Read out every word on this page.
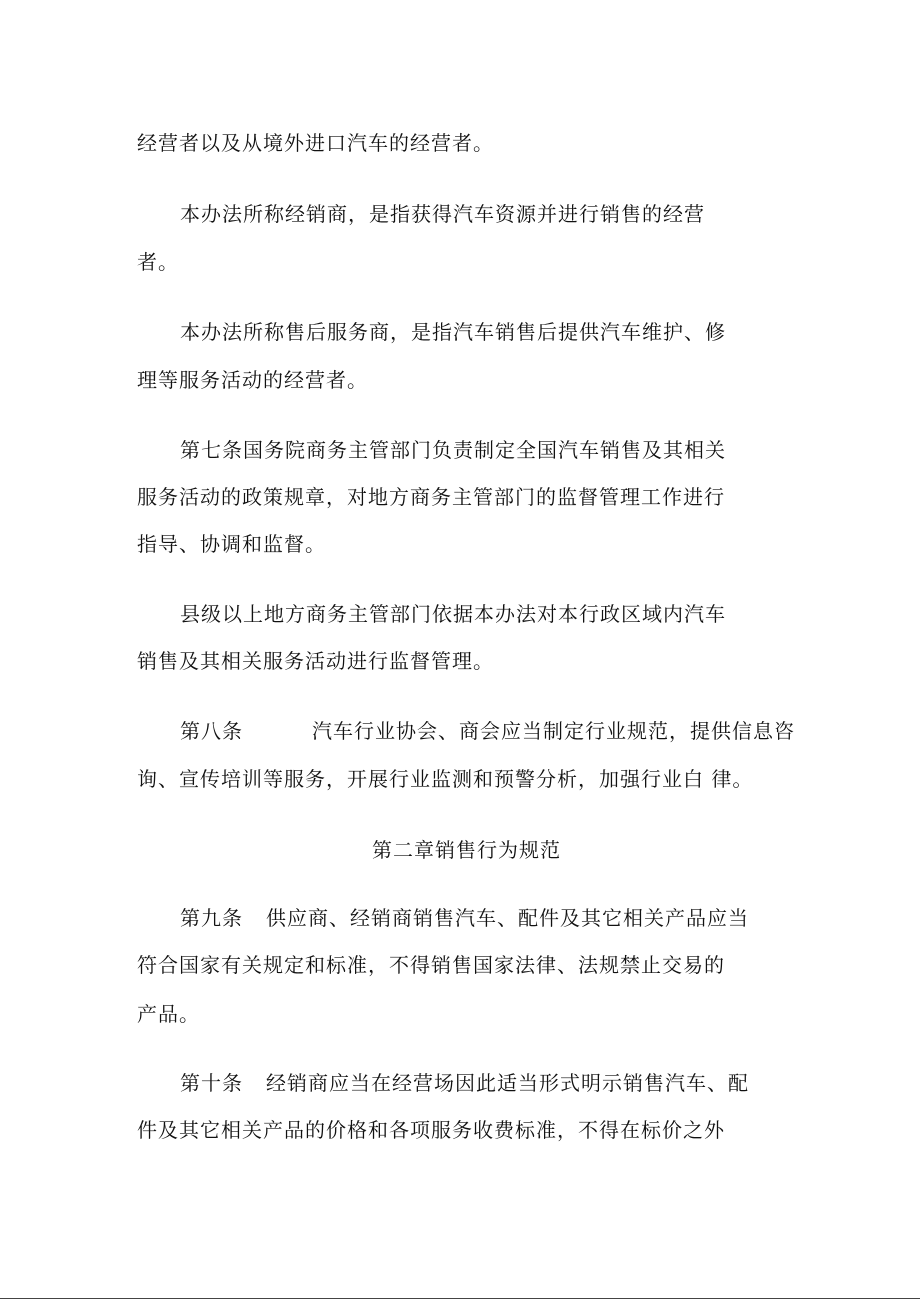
经营者以及从境外进口汽车的经营者。
本办法所称经销商，是指获得汽车资源并进行销售的经营
者。
本办法所称售后服务商，是指汽车销售后提供汽车维护、修
理等服务活动的经营者。
第七条国务院商务主管部门负责制定全国汽车销售及其相关
服务活动的政策规章，对地方商务主管部门的监督管理工作进行
指导、协调和监督。
县级以上地方商务主管部门依据本办法对本行政区域内汽车
销售及其相关服务活动进行监督管理。
第八条	汽车行业协会、商会应当制定行业规范，提供信息咨
询、宣传培训等服务，开展行业监测和预警分析，加强行业白 律。
第二章销售行为规范
第九条 供应商、经销商销售汽车、配件及其它相关产品应当
符合国家有关规定和标准，不得销售国家法律、法规禁止交易的
产品。
第十条 经销商应当在经营场因此适当形式明示销售汽车、配
件及其它相关产品的价格和各项服务收费标准，不得在标价之外
